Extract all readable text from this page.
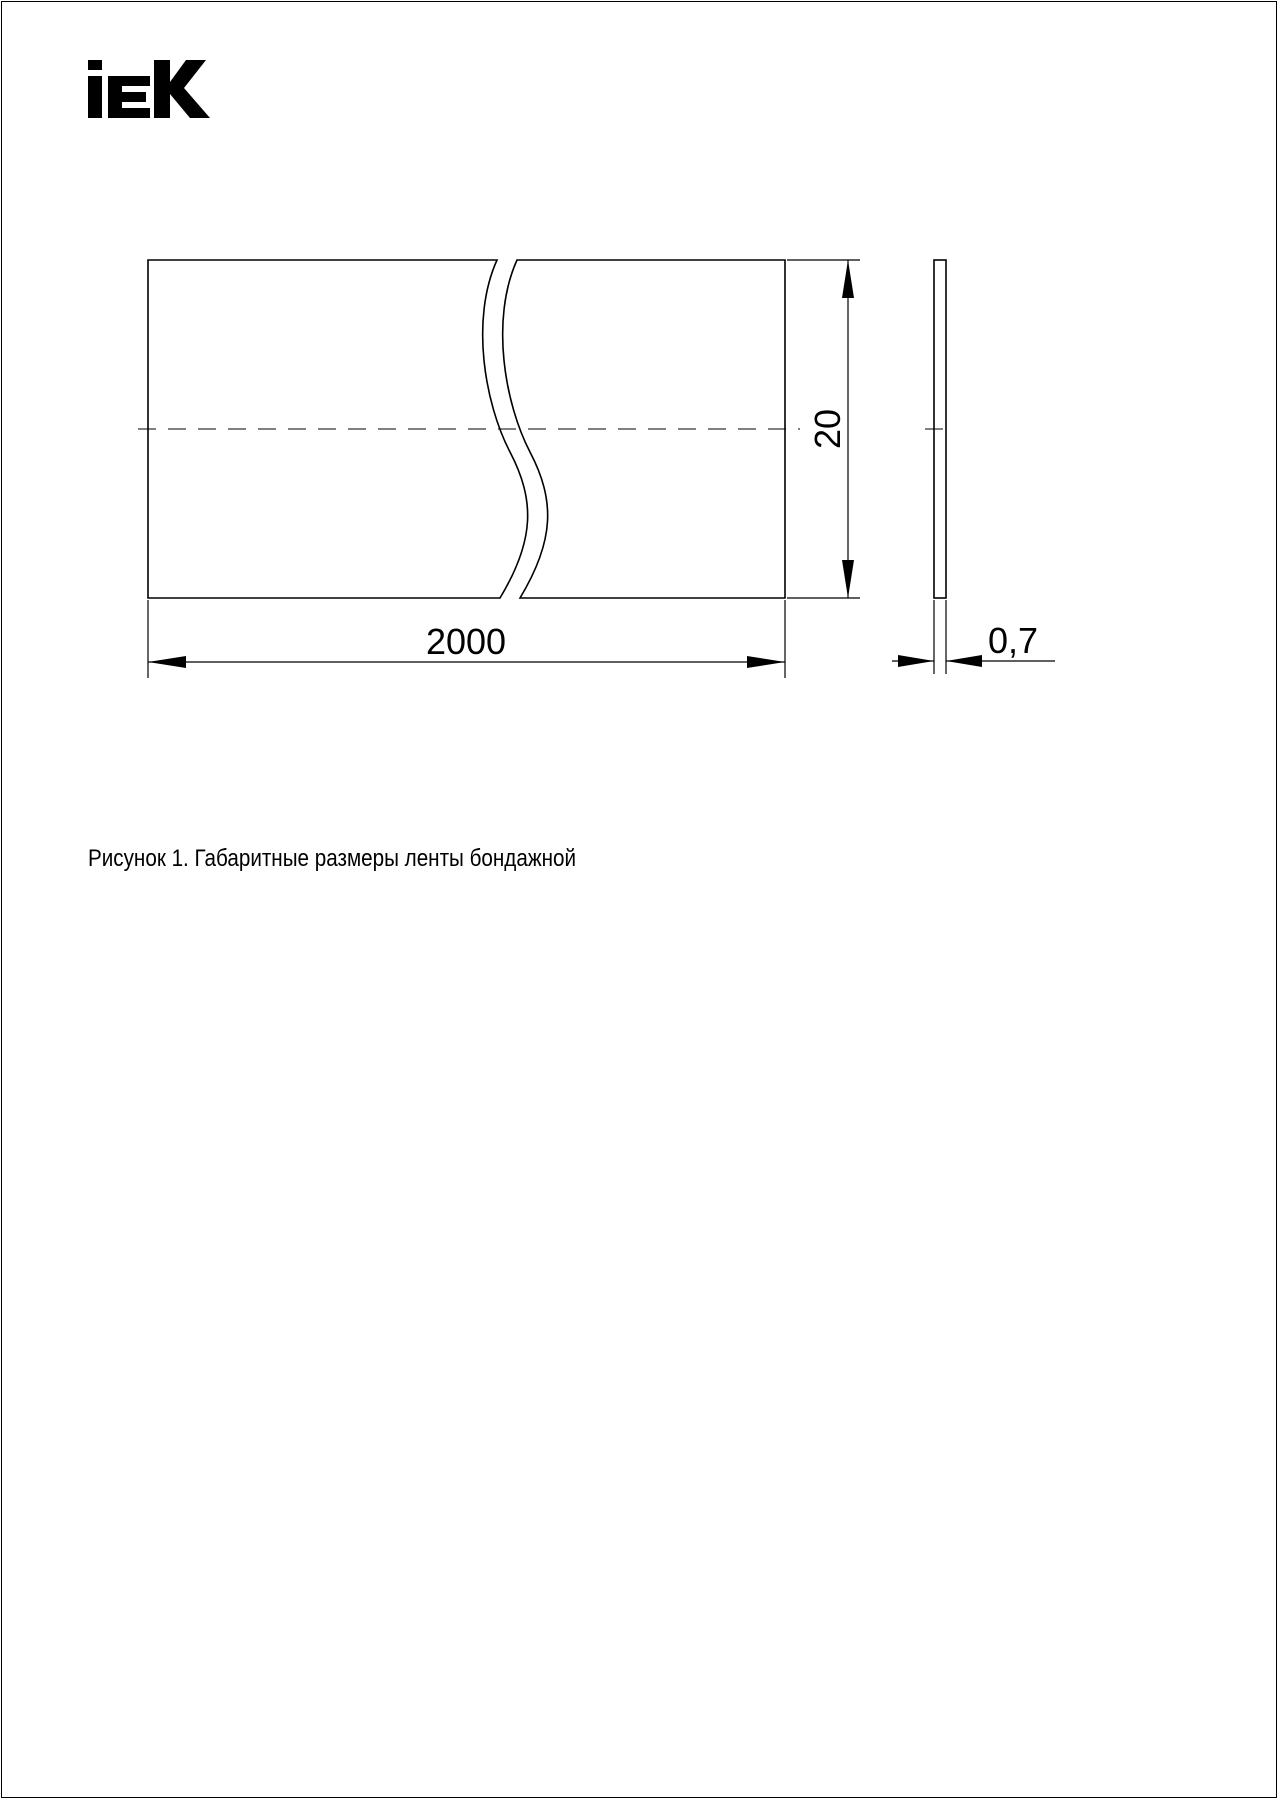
2000
20
0,7
Рисунок 1. Габаритные размеры ленты бондажной
